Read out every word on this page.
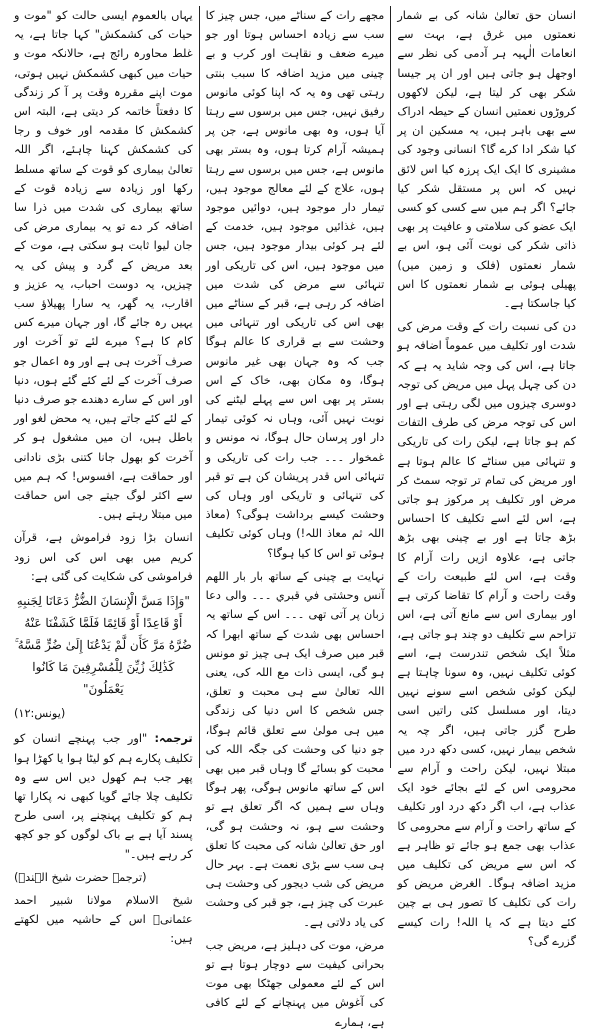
انسان حق تعالیٰ شانہ کی بے شمار نعمتوں میں غرق ہے، بہت سے انعامات الٰہیہ ہر آدمی کی نظر سے اوجھل ہو جاتی ہیں اور ان پر جیسا شکر بھی کر لیتا ہے، لیکن لاکھوں کروڑوں نعمتیں انسان کے حیطہ ادراک سے بھی باہر ہیں، یہ مسکین ان پر کیا شکر ادا کرے گا؟ انسانی وجود کی مشینری کا ایک ایک پرزہ کیا اس لائق نہیں کہ اس پر مستقل شکر کیا جائے؟ اگر ہم میں سے کسی کو کسی ایک عضو کی سلامتی و عافیت پر بھی ذاتی شکر کی نوبت آئی ہو، اس بے شمار نعمتوں (فلک و زمین میں) پھیلی ہوئی بے شمار نعمتوں کا اس کیا جاسکتا ہے۔

دن کی نسبت رات کے وقت مرض کی شدت اور تکلیف میں عموماً اضافہ ہو جاتا ہے، اس کی وجہ شاید یہ ہے کہ دن کی چہل پہل میں مریض کی توجہ دوسری چیزوں میں لگی رہتی ہے اور اس کی توجہ مرض کی طرف التفات کم ہو جاتا ہے، لیکن رات کی تاریکی و تنہائی میں سناٹے کا عالم ہوتا ہے اور مریض کی تمام تر توجہ سمٹ کر مرض اور تکلیف پر مرکوز ہو جاتی ہے، اس لئے اسے تکلیف کا احساس بڑھ جاتا ہے اور بے چینی بھی بڑھ جاتی ہے، علاوہ ازیں رات آرام کا وقت ہے، اس لئے طبیعت رات کے وقت راحت و آرام کا تقاضا کرتی ہے اور بیماری اس سے مانع آتی ہے، اس تزاحم سے تکلیف دو چند ہو جاتی ہے، مثلاً ایک شخص تندرست ہے، اسے کوئی تکلیف نہیں، وہ سونا چاہتا ہے لیکن کوئی شخص اسے سونے نہیں دیتا، اور مسلسل کئی راتیں اسی طرح گزر جاتی ہیں، اگر چہ یہ شخص بیمار نہیں، کسی دکھ درد میں مبتلا نہیں، لیکن راحت و آرام سے محرومی اس کے لئے بجائے خود ایک عذاب ہے، اب اگر دکھ درد اور تکلیف کے ساتھ راحت و آرام سے محرومی کا عذاب بھی جمع ہو جائے تو ظاہر ہے کہ اس سے مریض کی تکلیف میں مزید اضافہ ہوگا۔ الغرض مریض کو رات کی تکلیف کا تصور ہی بے چین کئے دیتا ہے کہ یا اللہ! رات کیسے گزرے گی؟

مجھے رات کے سناٹے میں، جس چیز کا سب سے زیادہ احساس ہوتا اور جو میرے ضعف و نقاہت اور کرب و بے چینی میں مزید اضافہ کا سبب بنتی رہتی تھی وہ یہ کہ اپنا کوئی مانوس رفیق نہیں، جس میں برسوں سے رہتا آیا ہوں، وہ بھی مانوس ہے، جن پر ہمیشہ آرام کرتا ہوں، وہ بستر بھی مانوس ہے، جس میں برسوں سے رہتا ہوں، علاج کے لئے معالج موجود ہیں، تیمار دار موجود ہیں، دوائیں موجود ہیں، غذائیں موجود ہیں، خدمت کے لئے ہر کوئی بیدار موجود ہیں، جس میں موجود ہیں، اس کی تاریکی اور تنہائی سے مرض کی شدت میں اضافہ کر رہی ہے، قبر کے سناٹے میں بھی اس کی تاریکی اور تنہائی میں وحشت سے بے قراری کا عالم ہوگا جب کہ وہ جہان بھی غیر مانوس ہوگا، وہ مکان بھی، خاک کے اس بستر پر بھی اس سے پہلے لیٹنے کی نوبت نہیں آئی، وہاں نہ کوئی تیمار دار اور پرسان حال ہوگا، نہ مونس و غمخوار ۔۔۔ جب رات کی تاریکی و تنہائی اس قدر پریشان کن ہے تو قبر کی تنہائی و تاریکی اور وہاں کی وحشت کیسے برداشت ہوگی؟ (معاذ اللہ ثم معاذ اللہ!) وہاں کوئی تکلیف ہوئی تو اس کا کیا ہوگا؟

نہایت بے چینی کے ساتھ بار بار اللهم آنس وحشتی في قبري ۔۔۔ والی دعا زبان پر آتی تھی ۔۔۔ اس کے ساتھ یہ احساس بھی شدت کے ساتھ ابھرا کہ قبر میں صرف ایک ہی چیز تو مونس ہو گی، ایسی ذات مع اللہ کی، یعنی اللہ تعالیٰ سے ہی محبت و تعلق، جس شخص کا اس دنیا کی زندگی میں ہی مولیٰ سے تعلق قائم ہوگا، جو دنیا کی وحشت کی جگہ اللہ کی محبت کو بسائے گا وہاں قبر میں بھی اس کے ساتھ مانوس ہوگی، پھر ہوگا وہاں سے ہمیں کہ اگر تعلق ہے تو وحشت سے ہو، نہ وحشت ہو گی، اور حق تعالیٰ شانہ کی محبت کا تعلق ہی سب سے بڑی نعمت ہے۔ بہر حال مریض کی شب دیجور کی وحشت ہی عبرت کی چیز ہے، جو قبر کی وحشت کی یاد دلاتی ہے۔

مرض، موت کی دہلیز ہے، مریض جب بحرانی کیفیت سے دوچار ہوتا ہے تو اس کے لئے معمولی جھٹکا بھی موت کی آغوش میں پہنچانے کے لئے کافی ہے، ہمارے

یہاں بالعموم ایسی حالت کو "موت و حیات کی کشمکش" کہا جاتا ہے، یہ غلط محاورہ رائج ہے، حالانکہ موت و حیات میں کبھی کشمکش نہیں ہوتی، موت اپنے مقررہ وقت پر آ کر زندگی کا دفعتاً خاتمہ کر دیتی ہے، البتہ اس کشمکش کا مقدمہ اور خوف و رجا کی کشمکش کہنا چاہئے، اگر اللہ تعالیٰ بیماری کو قوت کے ساتھ مسلط رکھا اور زیادہ سے زیادہ قوت کے ساتھ بیماری کی شدت میں ذرا سا اضافہ کر دے تو یہ بیماری مرض کی جان لیوا ثابت ہو سکتی ہے، موت کے بعد مریض کے گرد و پیش کی یہ چیزیں، یہ دوست احباب، یہ عزیز و اقارب، یہ گھر، یہ سارا پھیلاؤ سب یہیں رہ جائے گا، اور جہان میرے کس کام کا ہے؟ میرے لئے تو آخرت اور صرف آخرت ہی ہے اور وہ اعمال جو صرف آخرت کے لئے کئے گئے ہوں، دنیا اور اس کے سارے دھندے جو صرف دنیا کے لئے کئے جاتے ہیں، یہ محض لغو اور باطل ہیں، ان میں مشغول ہو کر آخرت کو بھول جانا کتنی بڑی نادانی اور حماقت ہے، افسوس! کہ ہم میں سے اکثر لوگ جیتے جی اس حماقت میں مبتلا رہتے ہیں۔

انسان بڑا زود فراموش ہے، قرآن کریم میں بھی اس کی اس زود فراموشی کی شکایت کی گئی ہے:

"وَإِذَا مَسَّ الْإِنسَانَ الضُّرُّ دَعَانَا لِجَنبِهِ أَوْ قَاعِدًا أَوْ قَائِمًا فَلَمَّا كَشَفْنَا عَنْهُ ضُرَّهُ مَرَّ كَأَن لَّمْ يَدْعُنَا إِلَىٰ ضُرٍّ مَّسَّهُ ۚ كَذَٰلِكَ زُيِّنَ لِلْمُسْرِفِينَ مَا كَانُوا يَعْمَلُونَ"
(یونس:١٢)

ترجمہ: "اور جب پہنچے انسان کو تکلیف پکارے ہم کو لیٹا ہوا یا کھڑا ہوا پھر جب ہم کھول دیں اس سے وہ تکلیف چلا جائے گویا کبھی نہ پکارا تھا ہم کو تکلیف پہنچنے پر، اسی طرح پسند آیا ہے بے باک لوگوں کو جو کچھ کر رہے ہیں۔"

(ترجمہ حضرت شیخ الہندؒ)

شیخ الاسلام مولانا شبیر احمد عثمانیؒ اس کے حاشیہ میں لکھتے ہیں:
